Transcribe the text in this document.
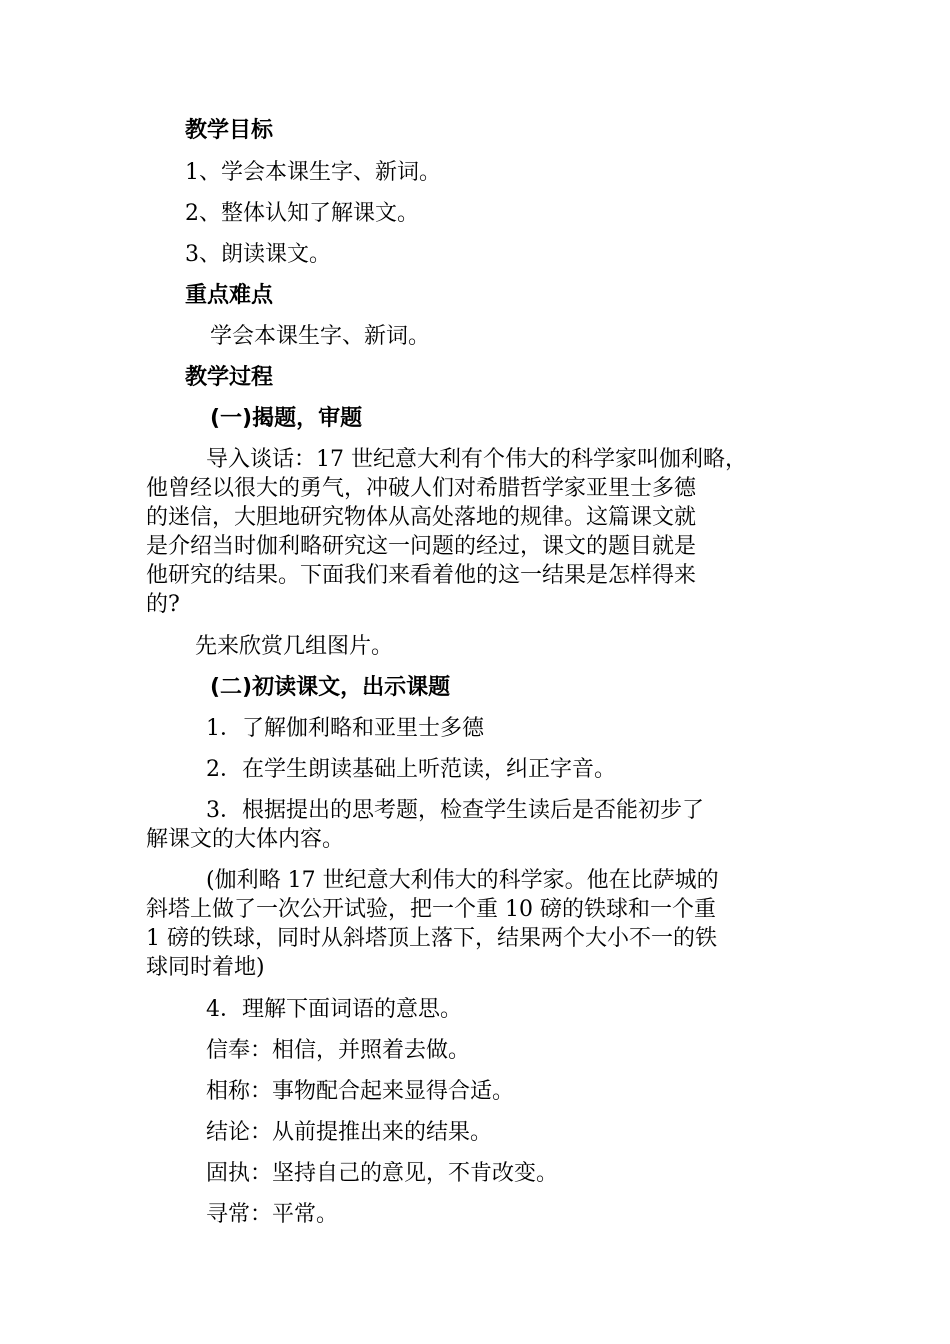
教学目标
1、学会本课生字、新词。
2、整体认知了解课文。
3、朗读课文。
重点难点
学会本课生字、新词。
教学过程
(一)揭题，审题
导入谈话：17 世纪意大利有个伟大的科学家叫伽利略，
他曾经以很大的勇气，冲破人们对希腊哲学家亚里士多德
的迷信，大胆地研究物体从高处落地的规律。这篇课文就
是介绍当时伽利略研究这一问题的经过，课文的题目就是
他研究的结果。下面我们来看着他的这一结果是怎样得来
的?
先来欣赏几组图片。
(二)初读课文，出示课题
1．了解伽利略和亚里士多德
2．在学生朗读基础上听范读，纠正字音。
3．根据提出的思考题，检查学生读后是否能初步了
解课文的大体内容。
(伽利略 17 世纪意大利伟大的科学家。他在比萨城的
斜塔上做了一次公开试验，把一个重 10 磅的铁球和一个重
1 磅的铁球，同时从斜塔顶上落下，结果两个大小不一的铁
球同时着地)
4．理解下面词语的意思。
信奉：相信，并照着去做。
相称：事物配合起来显得合适。
结论：从前提推出来的结果。
固执：坚持自己的意见，不肯改变。
寻常：平常。
